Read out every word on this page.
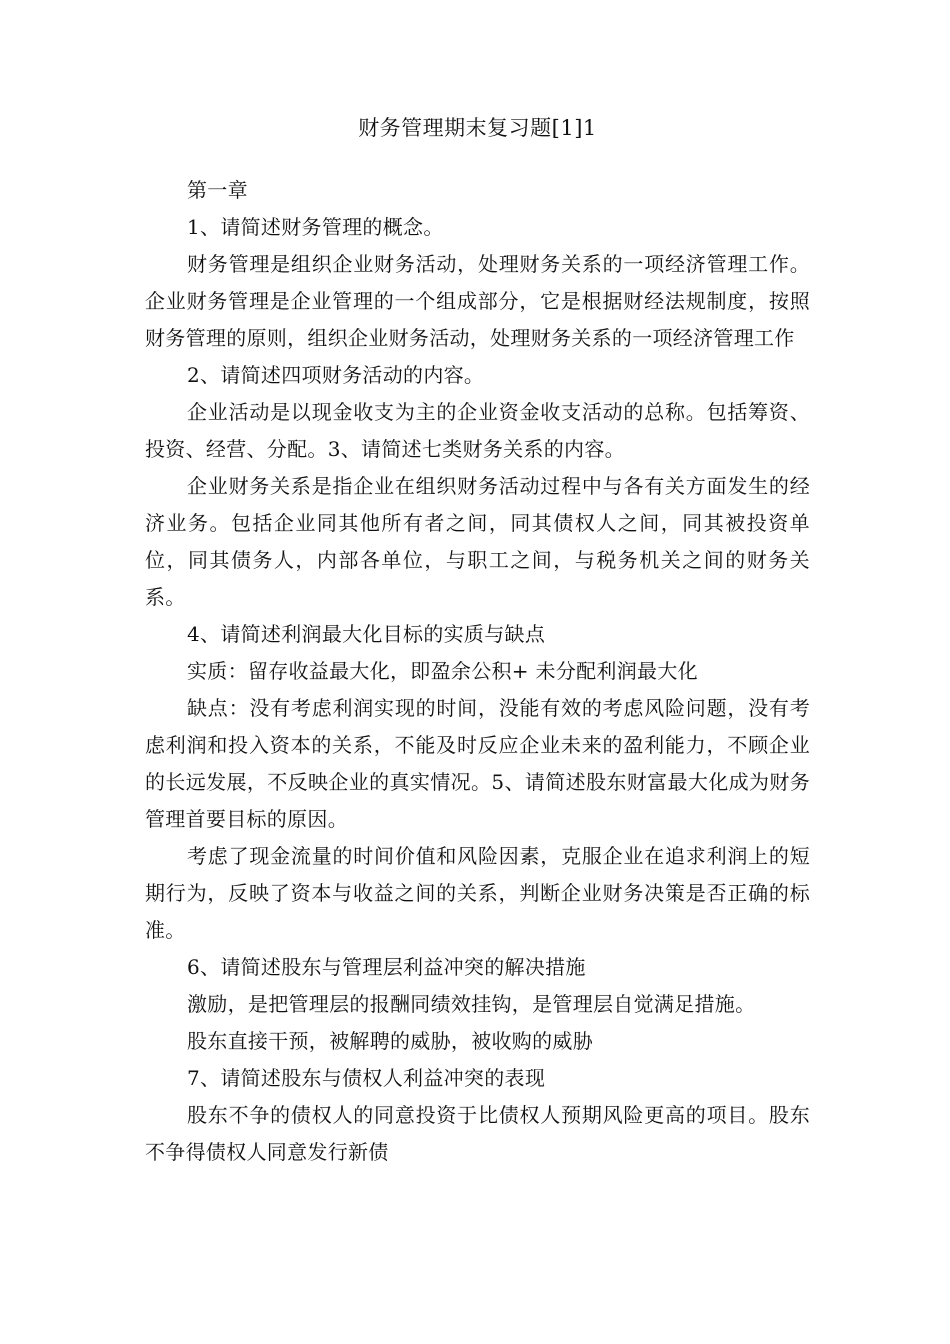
财务管理期末复习题[1]1

第一章

1、请简述财务管理的概念。

财务管理是组织企业财务活动，处理财务关系的一项经济管理工作。企业财务管理是企业管理的一个组成部分，它是根据财经法规制度，按照财务管理的原则，组织企业财务活动，处理财务关系的一项经济管理工作

2、请简述四项财务活动的内容。

企业活动是以现金收支为主的企业资金收支活动的总称。包括筹资、投资、经营、分配。3、请简述七类财务关系的内容。

企业财务关系是指企业在组织财务活动过程中与各有关方面发生的经济业务。包括企业同其他所有者之间，同其债权人之间，同其被投资单位，同其债务人，内部各单位，与职工之间，与税务机关之间的财务关系。

4、请简述利润最大化目标的实质与缺点

实质：留存收益最大化，即盈余公积+ 未分配利润最大化

缺点：没有考虑利润实现的时间，没能有效的考虑风险问题，没有考虑利润和投入资本的关系，不能及时反应企业未来的盈利能力，不顾企业的长远发展，不反映企业的真实情况。5、请简述股东财富最大化成为财务管理首要目标的原因。

考虑了现金流量的时间价值和风险因素，克服企业在追求利润上的短期行为，反映了资本与收益之间的关系，判断企业财务决策是否正确的标准。

6、请简述股东与管理层利益冲突的解决措施

激励，是把管理层的报酬同绩效挂钩，是管理层自觉满足措施。

股东直接干预，被解聘的威胁，被收购的威胁

7、请简述股东与债权人利益冲突的表现

股东不争的债权人的同意投资于比债权人预期风险更高的项目。股东不争得债权人同意发行新债
